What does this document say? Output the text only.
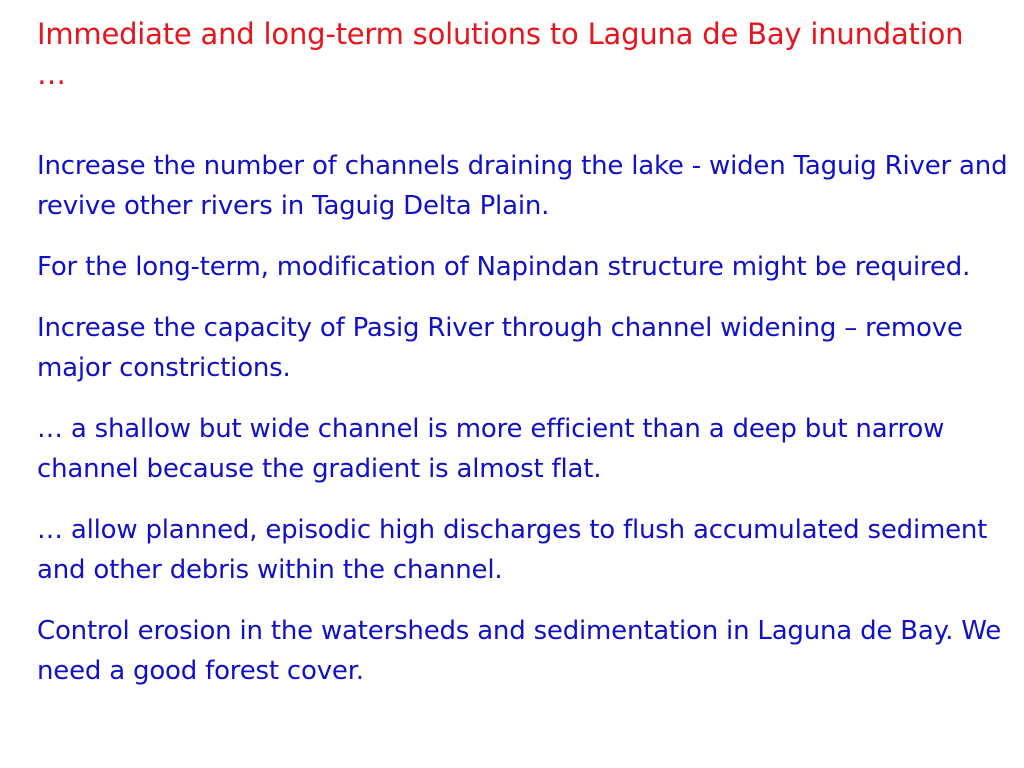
Immediate and long-term solutions to Laguna de Bay inundation …
Increase the number of channels draining the lake - widen Taguig River and revive other rivers in Taguig Delta Plain.
For the long-term, modification of Napindan structure might be required.
Increase the capacity of Pasig River through channel widening – remove major constrictions.
… a shallow but wide channel is more efficient than a deep but narrow channel because the gradient is almost flat.
… allow planned, episodic high discharges to flush accumulated sediment and other debris within the channel.
Control erosion in the watersheds and sedimentation in Laguna de Bay. We need a good forest cover.
